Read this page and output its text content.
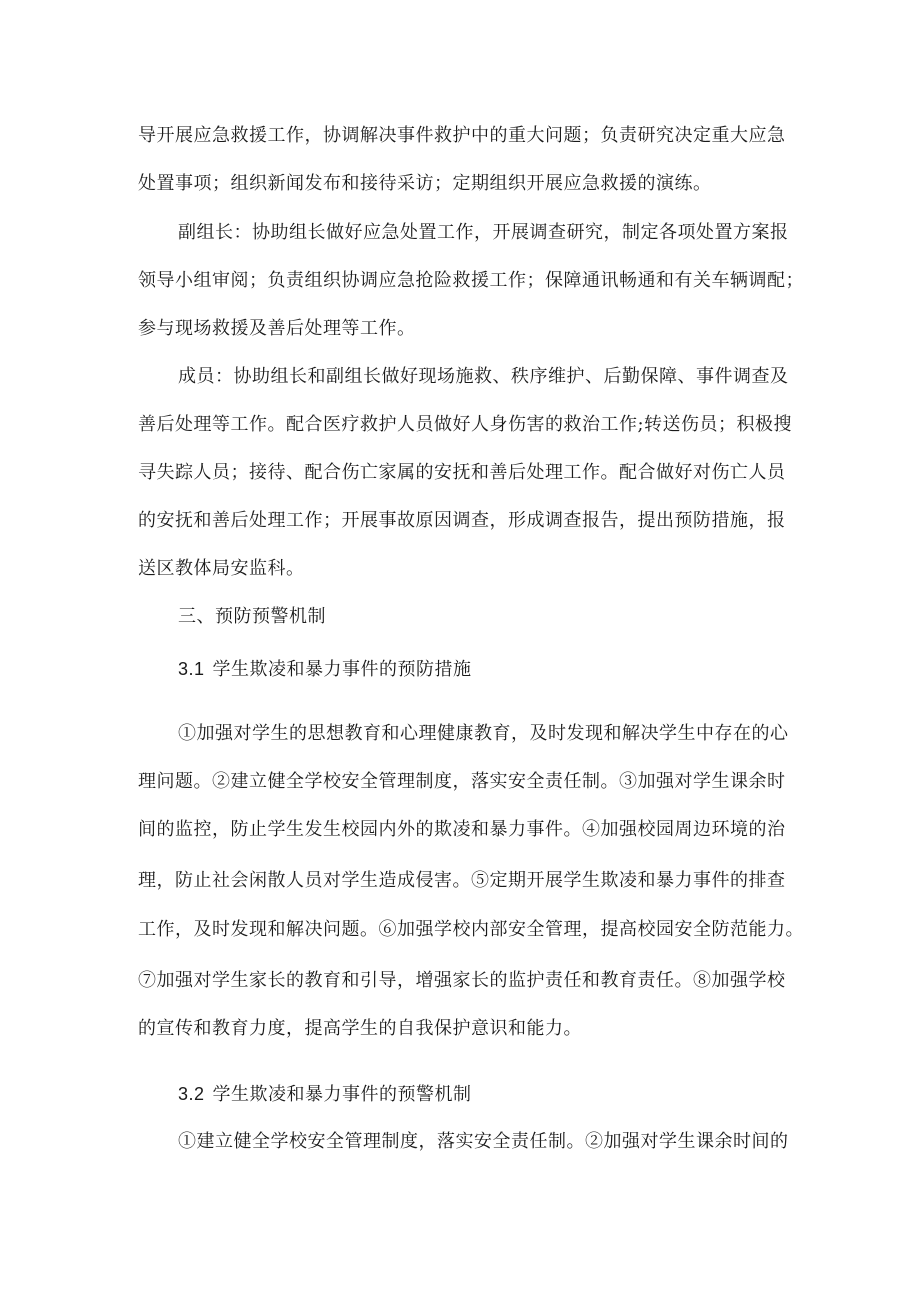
导开展应急救援工作，协调解决事件救护中的重大问题；负责研究决定重大应急
处置事项；组织新闻发布和接待采访；定期组织开展应急救援的演练。
副组长：协助组长做好应急处置工作，开展调查研究，制定各项处置方案报
领导小组审阅；负责组织协调应急抢险救援工作；保障通讯畅通和有关车辆调配；
参与现场救援及善后处理等工作。
成员：协助组长和副组长做好现场施救、秩序维护、后勤保障、事件调查及
善后处理等工作。配合医疗救护人员做好人身伤害的救治工作;转送伤员；积极搜
寻失踪人员；接待、配合伤亡家属的安抚和善后处理工作。配合做好对伤亡人员
的安抚和善后处理工作；开展事故原因调查，形成调查报告，提出预防措施，报
送区教体局安监科。
三、预防预警机制
3.1 学生欺凌和暴力事件的预防措施
①加强对学生的思想教育和心理健康教育，及时发现和解决学生中存在的心
理问题。②建立健全学校安全管理制度，落实安全责任制。③加强对学生课余时
间的监控，防止学生发生校园内外的欺凌和暴力事件。④加强校园周边环境的治
理，防止社会闲散人员对学生造成侵害。⑤定期开展学生欺凌和暴力事件的排查
工作，及时发现和解决问题。⑥加强学校内部安全管理，提高校园安全防范能力。
⑦加强对学生家长的教育和引导，增强家长的监护责任和教育责任。⑧加强学校
的宣传和教育力度，提高学生的自我保护意识和能力。
3.2 学生欺凌和暴力事件的预警机制
①建立健全学校安全管理制度，落实安全责任制。②加强对学生课余时间的
